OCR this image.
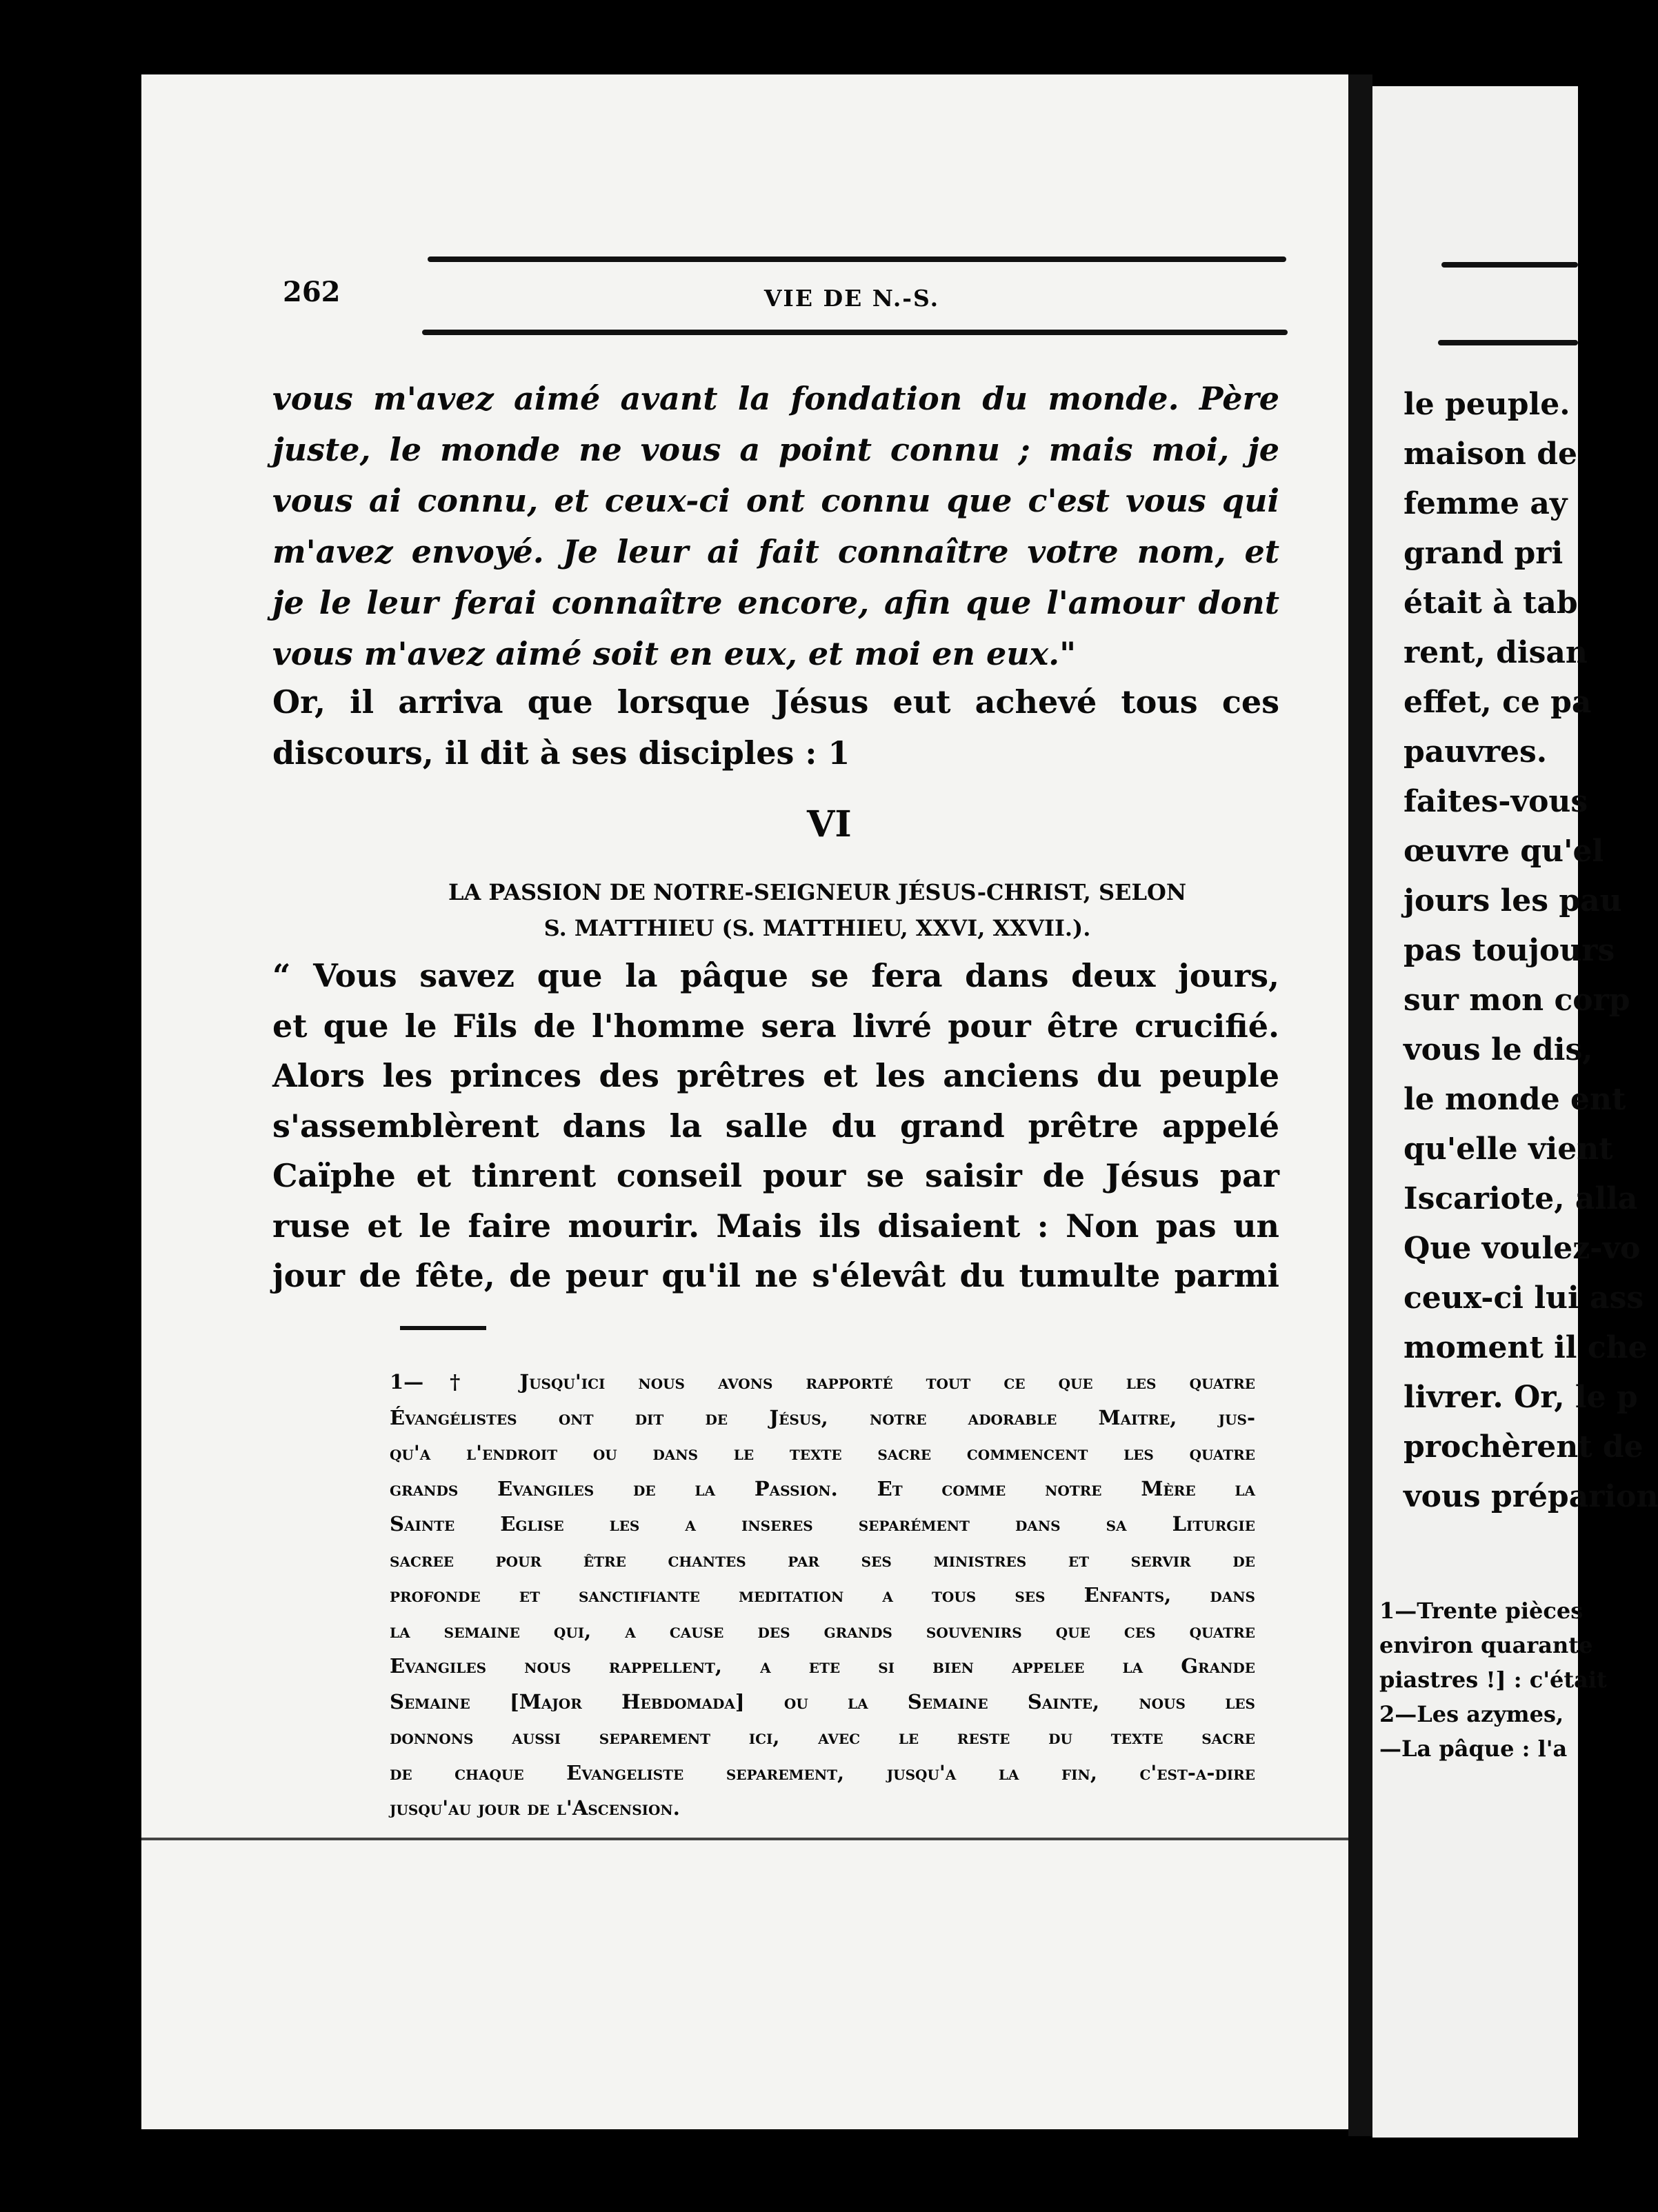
262	VIE DE N.-S.
vous m'avez aimé avant la fondation du monde. Père
juste, le monde ne vous a point connu ; mais moi, je
vous ai connu, et ceux-ci ont connu que c'est vous qui
m'avez envoyé. Je leur ai fait connaître votre nom, et
je le leur ferai connaître encore, afin que l'amour dont
vous m'avez aimé soit en eux, et moi en eux."
Or, il arriva que lorsque Jésus eut achevé tous ces
discours, il dit à ses disciples : 1
VI
LA PASSION DE NOTRE-SEIGNEUR JÉSUS-CHRIST, SELON
S. MATTHIEU (S. MATTHIEU, XXVI, XXVII.).
“ Vous savez que la pâque se fera dans deux jours,
et que le Fils de l'homme sera livré pour être crucifié.
Alors les princes des prêtres et les anciens du peuple
s'assemblèrent dans la salle du grand prêtre appelé
Caïphe et tinrent conseil pour se saisir de Jésus par
ruse et le faire mourir. Mais ils disaient : Non pas un
jour de fête, de peur qu'il ne s'élevât du tumulte parmi
1—† Jusqu'ici nous avons rapporté tout ce que les quatre
Évangélistes ont dit de Jésus, notre adorable Maitre, jus-
qu'a l'endroit ou dans le texte sacre commencent les quatre
grands Evangiles de la Passion. Et comme notre Mère la
Sainte Eglise les a inseres separément dans sa Liturgie
sacree pour être chantes par ses ministres et servir de
profonde et sanctifiante meditation a tous ses Enfants, dans
la semaine qui, a cause des grands souvenirs que ces quatre
Evangiles nous rappellent, a ete si bien appelee la Grande
Semaine [Major Hebdomada] ou la Semaine Sainte, nous les
donnons aussi separement ici, avec le reste du texte sacre
de chaque Evangeliste separement, jusqu'a la fin, c'est-a-dire
jusqu'au jour de l'Ascension.
le peuple.
maison de
femme ay
grand pri
était à tab
rent, disan
effet, ce pa
pauvres.
faites-vous
œuvre qu'el
jours les pau
pas toujours
sur mon corp
vous le dis,
le monde ent
qu'elle vient
Iscariote, alla
Que voulez-vo
ceux-ci lui ass
moment il che
livrer. Or, le p
prochèrent de
vous préparion
1—Trente pièces
environ quarante
piastres !] : c'était
2—Les azymes,
—La pâque : l'a
